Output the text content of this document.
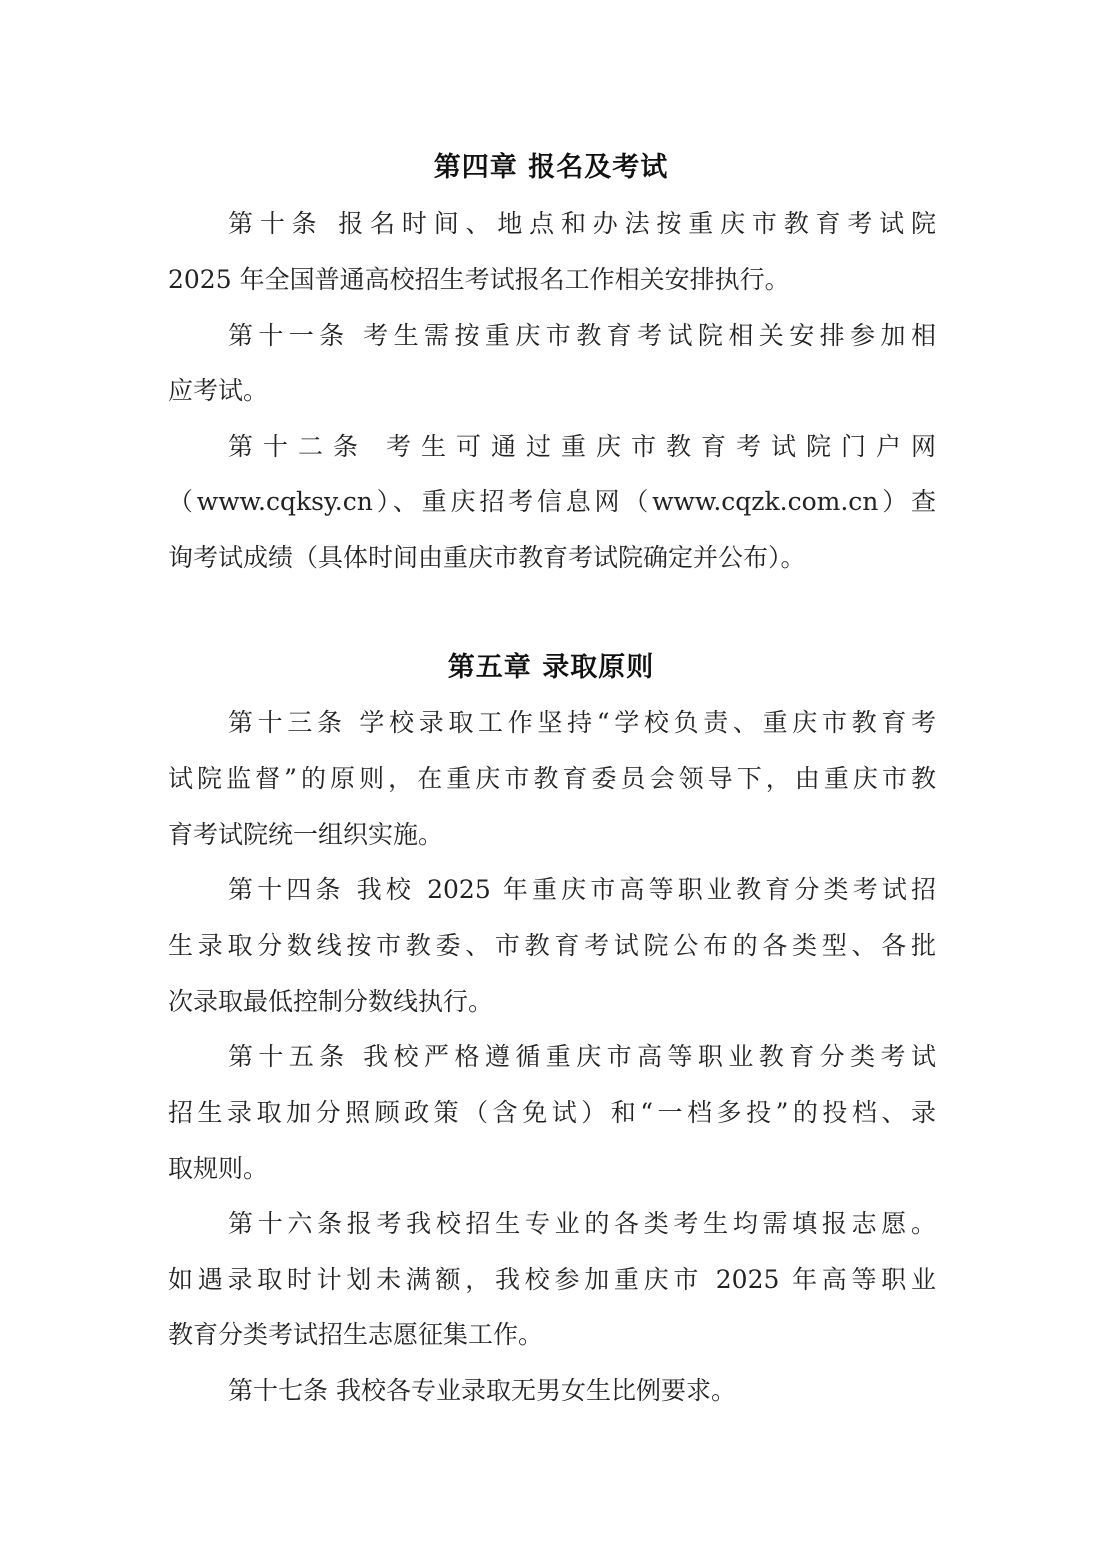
第四章 报名及考试
第十条 报名时间、地点和办法按重庆市教育考试院
2025 年全国普通高校招生考试报名工作相关安排执行。
第十一条 考生需按重庆市教育考试院相关安排参加相
应考试。
第十二条 考生可通过重庆市教育考试院门户网
（www.cqksy.cn）、重庆招考信息网（www.cqzk.com.cn）查
询考试成绩（具体时间由重庆市教育考试院确定并公布）。
第五章 录取原则
第十三条 学校录取工作坚持“学校负责、重庆市教育考
试院监督”的原则，在重庆市教育委员会领导下，由重庆市教
育考试院统一组织实施。
第十四条 我校 2025 年重庆市高等职业教育分类考试招
生录取分数线按市教委、市教育考试院公布的各类型、各批
次录取最低控制分数线执行。
第十五条 我校严格遵循重庆市高等职业教育分类考试
招生录取加分照顾政策（含免试）和“一档多投”的投档、录
取规则。
第十六条报考我校招生专业的各类考生均需填报志愿。
如遇录取时计划未满额，我校参加重庆市 2025 年高等职业
教育分类考试招生志愿征集工作。
第十七条 我校各专业录取无男女生比例要求。
